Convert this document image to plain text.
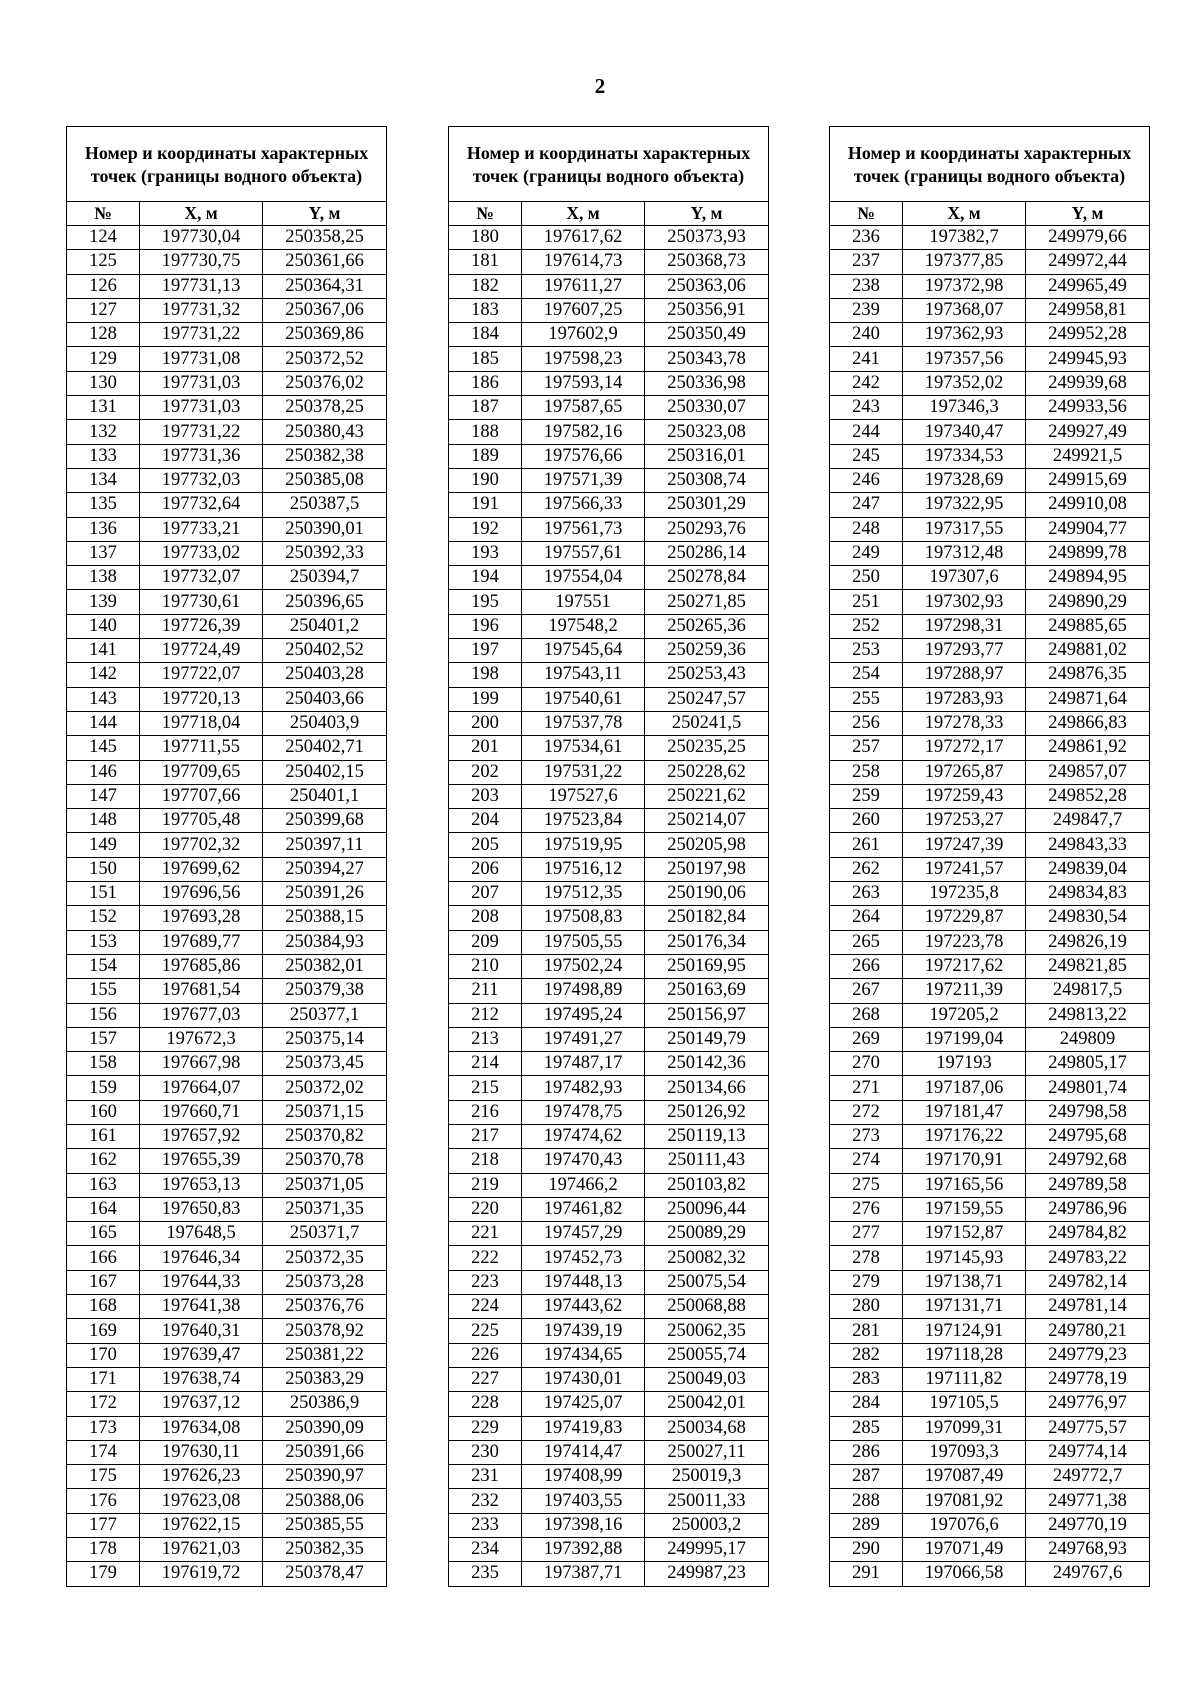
2
Номер и координаты характерных точек (границы водного объекта)		
№	X, м	Y, м
124	197730,04	250358,25
125	197730,75	250361,66
126	197731,13	250364,31
127	197731,32	250367,06
128	197731,22	250369,86
129	197731,08	250372,52
130	197731,03	250376,02
131	197731,03	250378,25
132	197731,22	250380,43
133	197731,36	250382,38
134	197732,03	250385,08
135	197732,64	250387,5
136	197733,21	250390,01
137	197733,02	250392,33
138	197732,07	250394,7
139	197730,61	250396,65
140	197726,39	250401,2
141	197724,49	250402,52
142	197722,07	250403,28
143	197720,13	250403,66
144	197718,04	250403,9
145	197711,55	250402,71
146	197709,65	250402,15
147	197707,66	250401,1
148	197705,48	250399,68
149	197702,32	250397,11
150	197699,62	250394,27
151	197696,56	250391,26
152	197693,28	250388,15
153	197689,77	250384,93
154	197685,86	250382,01
155	197681,54	250379,38
156	197677,03	250377,1
157	197672,3	250375,14
158	197667,98	250373,45
159	197664,07	250372,02
160	197660,71	250371,15
161	197657,92	250370,82
162	197655,39	250370,78
163	197653,13	250371,05
164	197650,83	250371,35
165	197648,5	250371,7
166	197646,34	250372,35
167	197644,33	250373,28
168	197641,38	250376,76
169	197640,31	250378,92
170	197639,47	250381,22
171	197638,74	250383,29
172	197637,12	250386,9
173	197634,08	250390,09
174	197630,11	250391,66
175	197626,23	250390,97
176	197623,08	250388,06
177	197622,15	250385,55
178	197621,03	250382,35
179	197619,72	250378,47
Номер и координаты характерных точек (границы водного объекта)		
№	X, м	Y, м
180	197617,62	250373,93
181	197614,73	250368,73
182	197611,27	250363,06
183	197607,25	250356,91
184	197602,9	250350,49
185	197598,23	250343,78
186	197593,14	250336,98
187	197587,65	250330,07
188	197582,16	250323,08
189	197576,66	250316,01
190	197571,39	250308,74
191	197566,33	250301,29
192	197561,73	250293,76
193	197557,61	250286,14
194	197554,04	250278,84
195	197551	250271,85
196	197548,2	250265,36
197	197545,64	250259,36
198	197543,11	250253,43
199	197540,61	250247,57
200	197537,78	250241,5
201	197534,61	250235,25
202	197531,22	250228,62
203	197527,6	250221,62
204	197523,84	250214,07
205	197519,95	250205,98
206	197516,12	250197,98
207	197512,35	250190,06
208	197508,83	250182,84
209	197505,55	250176,34
210	197502,24	250169,95
211	197498,89	250163,69
212	197495,24	250156,97
213	197491,27	250149,79
214	197487,17	250142,36
215	197482,93	250134,66
216	197478,75	250126,92
217	197474,62	250119,13
218	197470,43	250111,43
219	197466,2	250103,82
220	197461,82	250096,44
221	197457,29	250089,29
222	197452,73	250082,32
223	197448,13	250075,54
224	197443,62	250068,88
225	197439,19	250062,35
226	197434,65	250055,74
227	197430,01	250049,03
228	197425,07	250042,01
229	197419,83	250034,68
230	197414,47	250027,11
231	197408,99	250019,3
232	197403,55	250011,33
233	197398,16	250003,2
234	197392,88	249995,17
235	197387,71	249987,23
Номер и координаты характерных точек (границы водного объекта)		
№	X, м	Y, м
236	197382,7	249979,66
237	197377,85	249972,44
238	197372,98	249965,49
239	197368,07	249958,81
240	197362,93	249952,28
241	197357,56	249945,93
242	197352,02	249939,68
243	197346,3	249933,56
244	197340,47	249927,49
245	197334,53	249921,5
246	197328,69	249915,69
247	197322,95	249910,08
248	197317,55	249904,77
249	197312,48	249899,78
250	197307,6	249894,95
251	197302,93	249890,29
252	197298,31	249885,65
253	197293,77	249881,02
254	197288,97	249876,35
255	197283,93	249871,64
256	197278,33	249866,83
257	197272,17	249861,92
258	197265,87	249857,07
259	197259,43	249852,28
260	197253,27	249847,7
261	197247,39	249843,33
262	197241,57	249839,04
263	197235,8	249834,83
264	197229,87	249830,54
265	197223,78	249826,19
266	197217,62	249821,85
267	197211,39	249817,5
268	197205,2	249813,22
269	197199,04	249809
270	197193	249805,17
271	197187,06	249801,74
272	197181,47	249798,58
273	197176,22	249795,68
274	197170,91	249792,68
275	197165,56	249789,58
276	197159,55	249786,96
277	197152,87	249784,82
278	197145,93	249783,22
279	197138,71	249782,14
280	197131,71	249781,14
281	197124,91	249780,21
282	197118,28	249779,23
283	197111,82	249778,19
284	197105,5	249776,97
285	197099,31	249775,57
286	197093,3	249774,14
287	197087,49	249772,7
288	197081,92	249771,38
289	197076,6	249770,19
290	197071,49	249768,93
291	197066,58	249767,6
